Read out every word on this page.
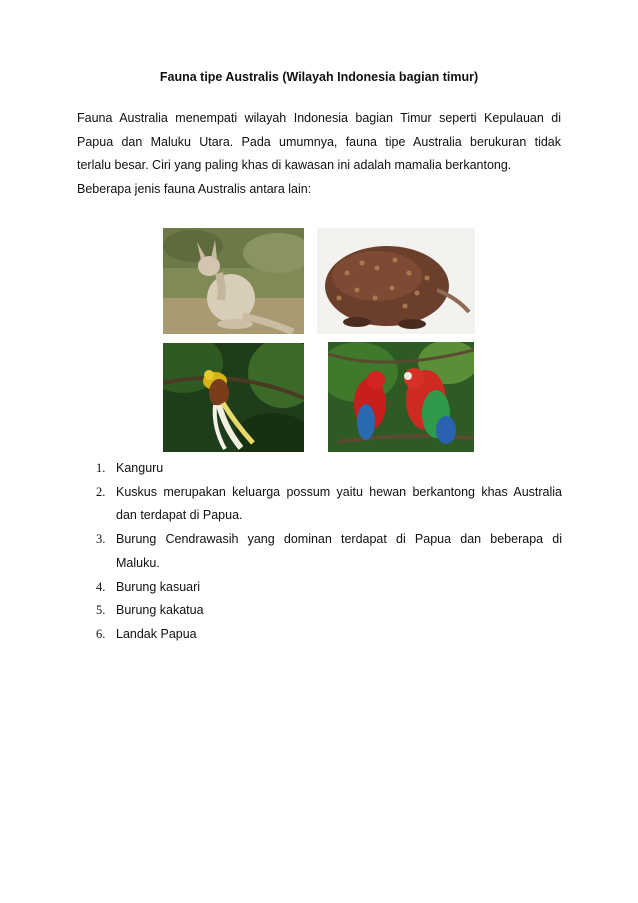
Fauna tipe Australis (Wilayah Indonesia bagian timur)

Fauna Australia menempati wilayah Indonesia bagian Timur seperti Kepulauan di
Papua dan Maluku Utara. Pada umumnya, fauna tipe Australia berukuran tidak
terlalu besar. Ciri yang paling khas di kawasan ini adalah mamalia berkantong.
Beberapa jenis fauna Australis antara lain:

1. Kanguru
2. Kuskus merupakan keluarga possum yaitu hewan berkantong khas Australia
dan terdapat di Papua.
3. Burung Cendrawasih yang dominan terdapat di Papua dan beberapa di
Maluku.
4. Burung kasuari
5. Burung kakatua
6. Landak Papua
